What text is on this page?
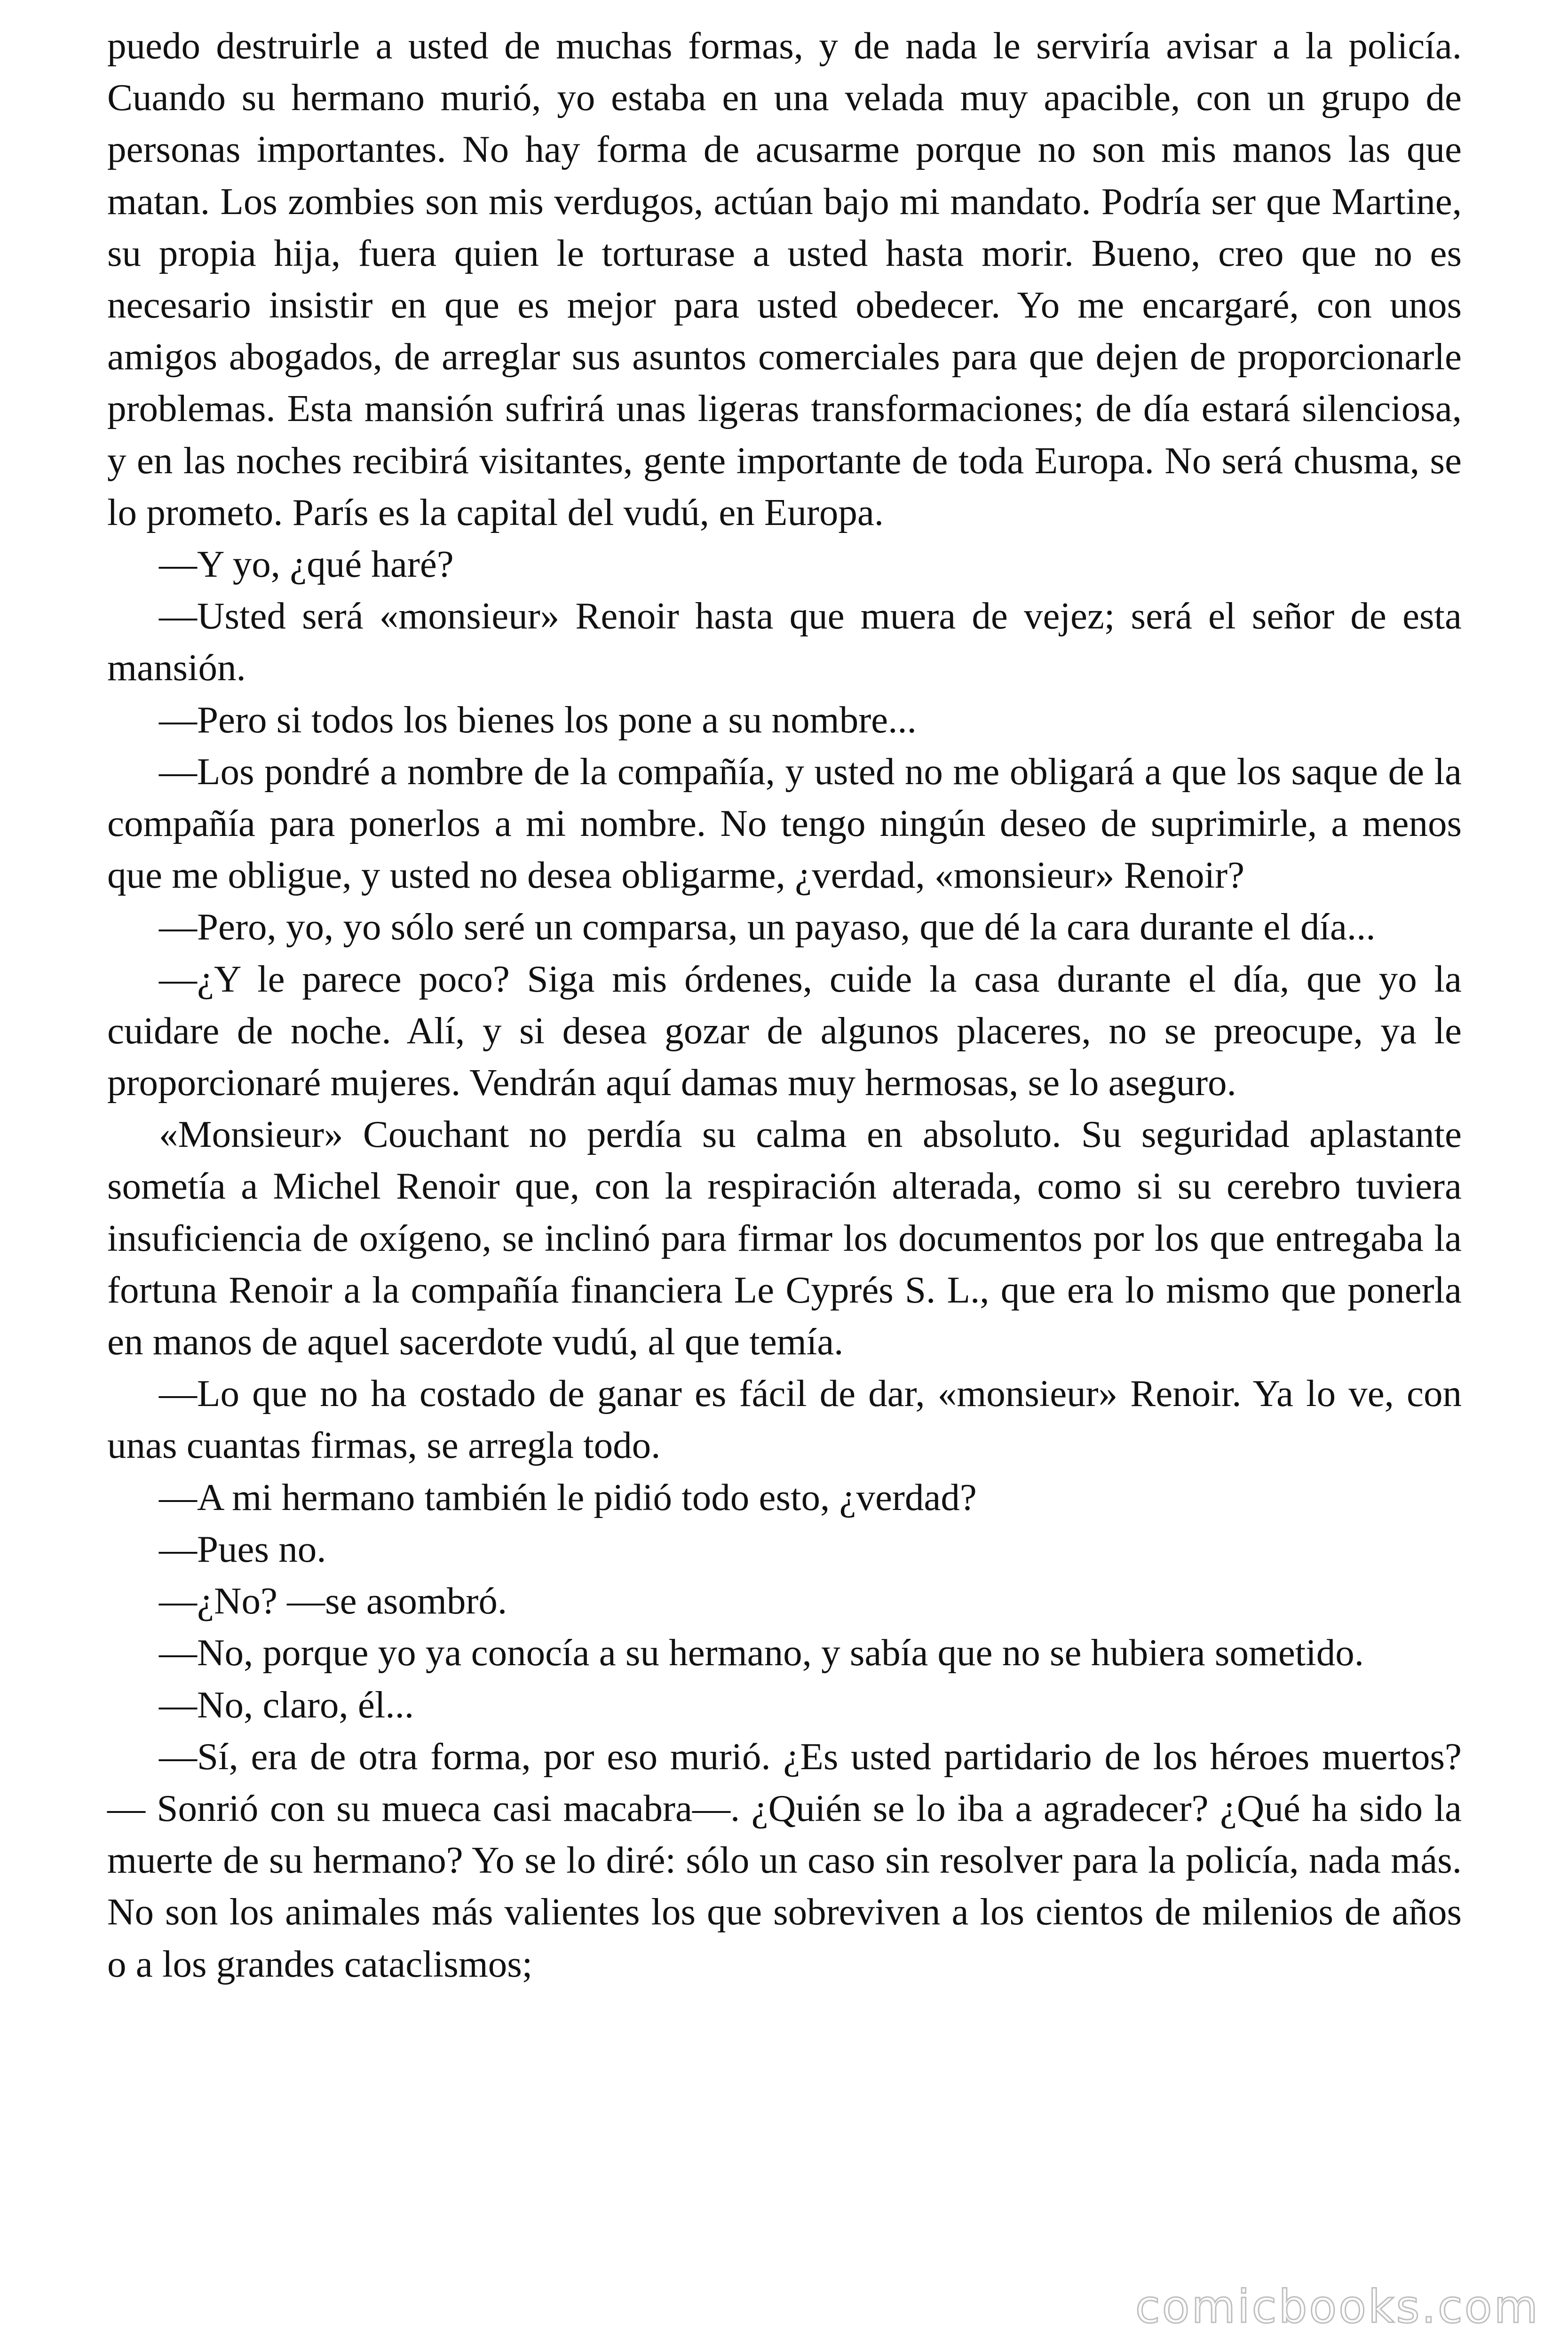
puedo destruirle a usted de muchas formas, y de nada le serviría avisar a la policía. Cuando su hermano murió, yo estaba en una velada muy apacible, con un grupo de personas importantes. No hay forma de acusarme porque no son mis manos las que matan. Los zombies son mis verdugos, actúan bajo mi mandato. Podría ser que Martine, su propia hija, fuera quien le torturase a usted hasta morir. Bueno, creo que no es necesario insistir en que es mejor para usted obedecer. Yo me encargaré, con unos amigos abogados, de arreglar sus asuntos comerciales para que dejen de proporcionarle problemas. Esta mansión sufrirá unas ligeras transformaciones; de día estará silenciosa, y en las noches recibirá visitantes, gente importante de toda Europa. No será chusma, se lo prometo. París es la capital del vudú, en Europa.

—Y yo, ¿qué haré?

—Usted será «monsieur» Renoir hasta que muera de vejez; será el señor de esta mansión.

—Pero si todos los bienes los pone a su nombre...

—Los pondré a nombre de la compañía, y usted no me obligará a que los saque de la compañía para ponerlos a mi nombre. No tengo ningún deseo de suprimirle, a menos que me obligue, y usted no desea obligarme, ¿verdad, «monsieur» Renoir?

—Pero, yo, yo sólo seré un comparsa, un payaso, que dé la cara durante el día...

—¿Y le parece poco? Siga mis órdenes, cuide la casa durante el día, que yo la cuidare de noche. Alí, y si desea gozar de algunos placeres, no se preocupe, ya le proporcionaré mujeres. Vendrán aquí damas muy hermosas, se lo aseguro.

«Monsieur» Couchant no perdía su calma en absoluto. Su seguridad aplastante sometía a Michel Renoir que, con la respiración alterada, como si su cerebro tuviera insuficiencia de oxígeno, se inclinó para firmar los documentos por los que entregaba la fortuna Renoir a la compañía financiera Le Cyprés S. L., que era lo mismo que ponerla en manos de aquel sacerdote vudú, al que temía.

—Lo que no ha costado de ganar es fácil de dar, «monsieur» Renoir. Ya lo ve, con unas cuantas firmas, se arregla todo.

—A mi hermano también le pidió todo esto, ¿verdad?

—Pues no.

—¿No? —se asombró.

—No, porque yo ya conocía a su hermano, y sabía que no se hubiera sometido.

—No, claro, él...

—Sí, era de otra forma, por eso murió. ¿Es usted partidario de los héroes muertos? — Sonrió con su mueca casi macabra—. ¿Quién se lo iba a agradecer? ¿Qué ha sido la muerte de su hermano? Yo se lo diré: sólo un caso sin resolver para la policía, nada más. No son los animales más valientes los que sobreviven a los cientos de milenios de años o a los grandes cataclismos;

comicbooks.com
